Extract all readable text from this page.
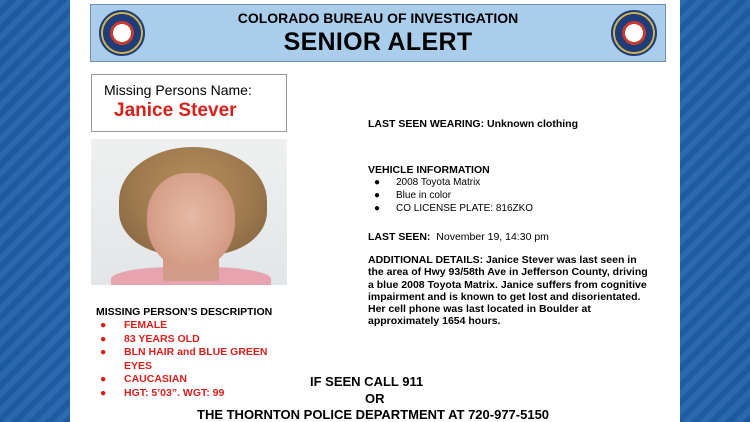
COLORADO BUREAU OF INVESTIGATION
SENIOR ALERT
Missing Persons Name:
Janice Stever
MISSING PERSON’S DESCRIPTION
● FEMALE
● 83 YEARS OLD
● BLN HAIR and BLUE GREEN EYES
● CAUCASIAN
● HGT: 5’03”. WGT: 99
LAST SEEN WEARING: Unknown clothing
VEHICLE INFORMATION
● 2008 Toyota Matrix
● Blue in color
● CO LICENSE PLATE: 816ZKO
LAST SEEN: November 19, 14:30 pm
ADDITIONAL DETAILS: Janice Stever was last seen in the area of Hwy 93/58th Ave in Jefferson County, driving a blue 2008 Toyota Matrix. Janice suffers from cognitive impairment and is known to get lost and disorientated. Her cell phone was last located in Boulder at approximately 1654 hours.
IF SEEN CALL 911
OR
THE THORNTON POLICE DEPARTMENT AT 720-977-5150
